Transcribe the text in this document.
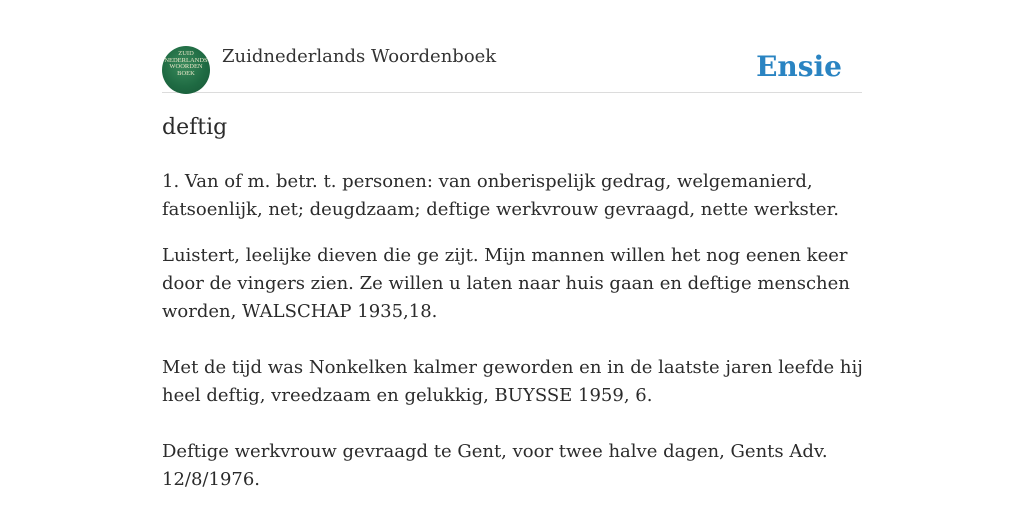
ZUID
NEDERLANDS
WOORDEN
BOEK
Zuidnederlands Woordenboek	Ensie
deftig

1. Van of m. betr. t. personen: van onberispelijk gedrag, welgemanierd, fatsoenlijk, net; deugdzaam; deftige werkvrouw gevraagd, nette werkster.

Luistert, leelijke dieven die ge zijt. Mijn mannen willen het nog eenen keer door de vingers zien. Ze willen u laten naar huis gaan en deftige menschen worden, WALSCHAP 1935,18.

Met de tijd was Nonkelken kalmer geworden en in de laatste jaren leefde hij heel deftig, vreedzaam en gelukkig, BUYSSE 1959, 6.

Deftige werkvrouw gevraagd te Gent, voor twee halve dagen, Gents Adv. 12/8/1976.
